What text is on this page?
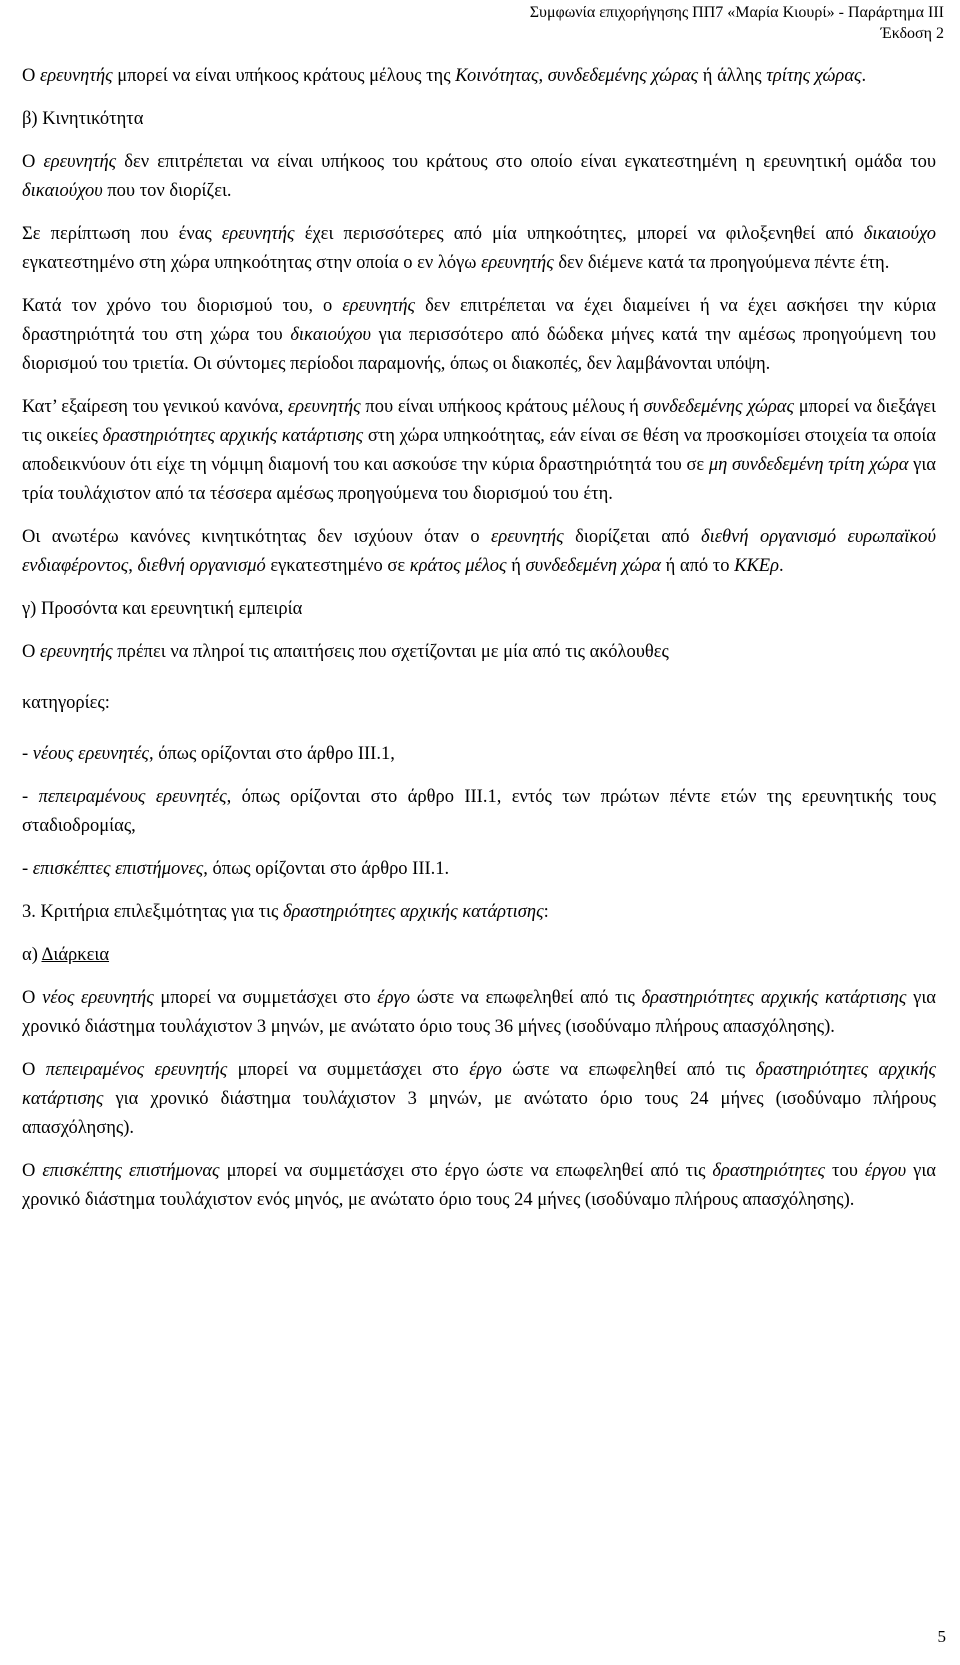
Συμφωνία επιχορήγησης ΠΠ7 «Μαρία Κιουρί» - Παράρτημα III
Έκδοση 2

Ο ερευνητής μπορεί να είναι υπήκοος κράτους μέλους της Κοινότητας, συνδεδεμένης χώρας ή άλλης τρίτης χώρας.

β) Κινητικότητα

Ο ερευνητής δεν επιτρέπεται να είναι υπήκοος του κράτους στο οποίο είναι εγκατεστημένη η ερευνητική ομάδα του δικαιούχου που τον διορίζει.

Σε περίπτωση που ένας ερευνητής έχει περισσότερες από μία υπηκοότητες, μπορεί να φιλοξενηθεί από δικαιούχο εγκατεστημένο στη χώρα υπηκοότητας στην οποία ο εν λόγω ερευνητής δεν διέμενε κατά τα προηγούμενα πέντε έτη.

Κατά τον χρόνο του διορισμού του, ο ερευνητής δεν επιτρέπεται να έχει διαμείνει ή να έχει ασκήσει την κύρια δραστηριότητά του στη χώρα του δικαιούχου για περισσότερο από δώδεκα μήνες κατά την αμέσως προηγούμενη του διορισμού του τριετία. Οι σύντομες περίοδοι παραμονής, όπως οι διακοπές, δεν λαμβάνονται υπόψη.

Κατ’ εξαίρεση του γενικού κανόνα, ερευνητής που είναι υπήκοος κράτους μέλους ή συνδεδεμένης χώρας μπορεί να διεξάγει τις οικείες δραστηριότητες αρχικής κατάρτισης στη χώρα υπηκοότητας, εάν είναι σε θέση να προσκομίσει στοιχεία τα οποία αποδεικνύουν ότι είχε τη νόμιμη διαμονή του και ασκούσε την κύρια δραστηριότητά του σε μη συνδεδεμένη τρίτη χώρα για τρία τουλάχιστον από τα τέσσερα αμέσως προηγούμενα του διορισμού του έτη.

Οι ανωτέρω κανόνες κινητικότητας δεν ισχύουν όταν ο ερευνητής διορίζεται από διεθνή οργανισμό ευρωπαϊκού ενδιαφέροντος, διεθνή οργανισμό εγκατεστημένο σε κράτος μέλος ή συνδεδεμένη χώρα ή από το ΚΚΕρ.

γ) Προσόντα και ερευνητική εμπειρία

Ο ερευνητής πρέπει να πληροί τις απαιτήσεις που σχετίζονται με μία από τις ακόλουθες

κατηγορίες:

- νέους ερευνητές, όπως ορίζονται στο άρθρο III.1,

- πεπειραμένους ερευνητές, όπως ορίζονται στο άρθρο III.1, εντός των πρώτων πέντε ετών της ερευνητικής τους σταδιοδρομίας,

- επισκέπτες επιστήμονες, όπως ορίζονται στο άρθρο III.1.

3. Κριτήρια επιλεξιμότητας για τις δραστηριότητες αρχικής κατάρτισης:

α) Διάρκεια

Ο νέος ερευνητής μπορεί να συμμετάσχει στο έργο ώστε να επωφεληθεί από τις δραστηριότητες αρχικής κατάρτισης για χρονικό διάστημα τουλάχιστον 3 μηνών, με ανώτατο όριο τους 36 μήνες (ισοδύναμο πλήρους απασχόλησης).

Ο πεπειραμένος ερευνητής μπορεί να συμμετάσχει στο έργο ώστε να επωφεληθεί από τις δραστηριότητες αρχικής κατάρτισης για χρονικό διάστημα τουλάχιστον 3 μηνών, με ανώτατο όριο τους 24 μήνες (ισοδύναμο πλήρους απασχόλησης).

Ο επισκέπτης επιστήμονας μπορεί να συμμετάσχει στο έργο ώστε να επωφεληθεί από τις δραστηριότητες του έργου για χρονικό διάστημα τουλάχιστον ενός μηνός, με ανώτατο όριο τους 24 μήνες (ισοδύναμο πλήρους απασχόλησης).

5
